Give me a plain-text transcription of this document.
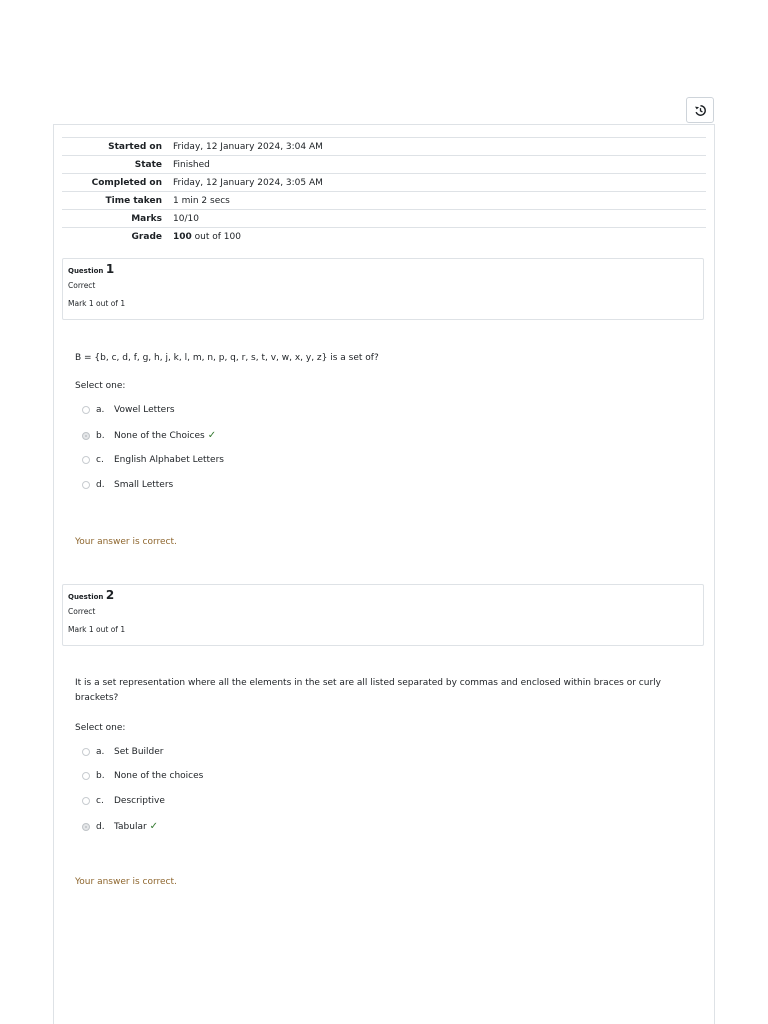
Started on	Friday, 12 January 2024, 3:04 AM
State	Finished
Completed on	Friday, 12 January 2024, 3:05 AM
Time taken	1 min 2 secs
Marks	10/10
Grade	100 out of 100
Question 1
Correct
Mark 1 out of 1
B = {b, c, d, f, g, h, j, k, l, m, n, p, q, r, s, t, v, w, x, y, z} is a set of?
Select one:
a.	Vowel Letters
b.	None of the Choices ✓
c.	English Alphabet Letters
d.	Small Letters
Your answer is correct.
Question 2
Correct
Mark 1 out of 1
It is a set representation where all the elements in the set are all listed separated by commas and enclosed within braces or curly brackets?
Select one:
a.	Set Builder
b.	None of the choices
c.	Descriptive
d.	Tabular ✓
Your answer is correct.
